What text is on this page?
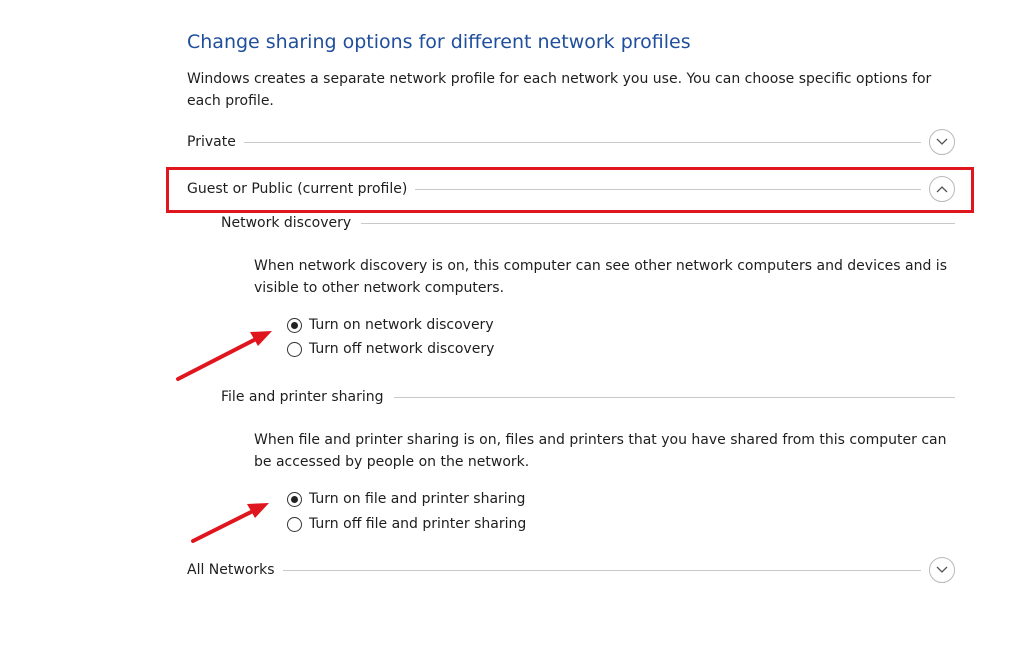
Change sharing options for different network profiles
Windows creates a separate network profile for each network you use. You can choose specific options for each profile.
Private
Guest or Public (current profile)
Network discovery
When network discovery is on, this computer can see other network computers and devices and is visible to other network computers.
Turn on network discovery
Turn off network discovery
File and printer sharing
When file and printer sharing is on, files and printers that you have shared from this computer can be accessed by people on the network.
Turn on file and printer sharing
Turn off file and printer sharing
All Networks
